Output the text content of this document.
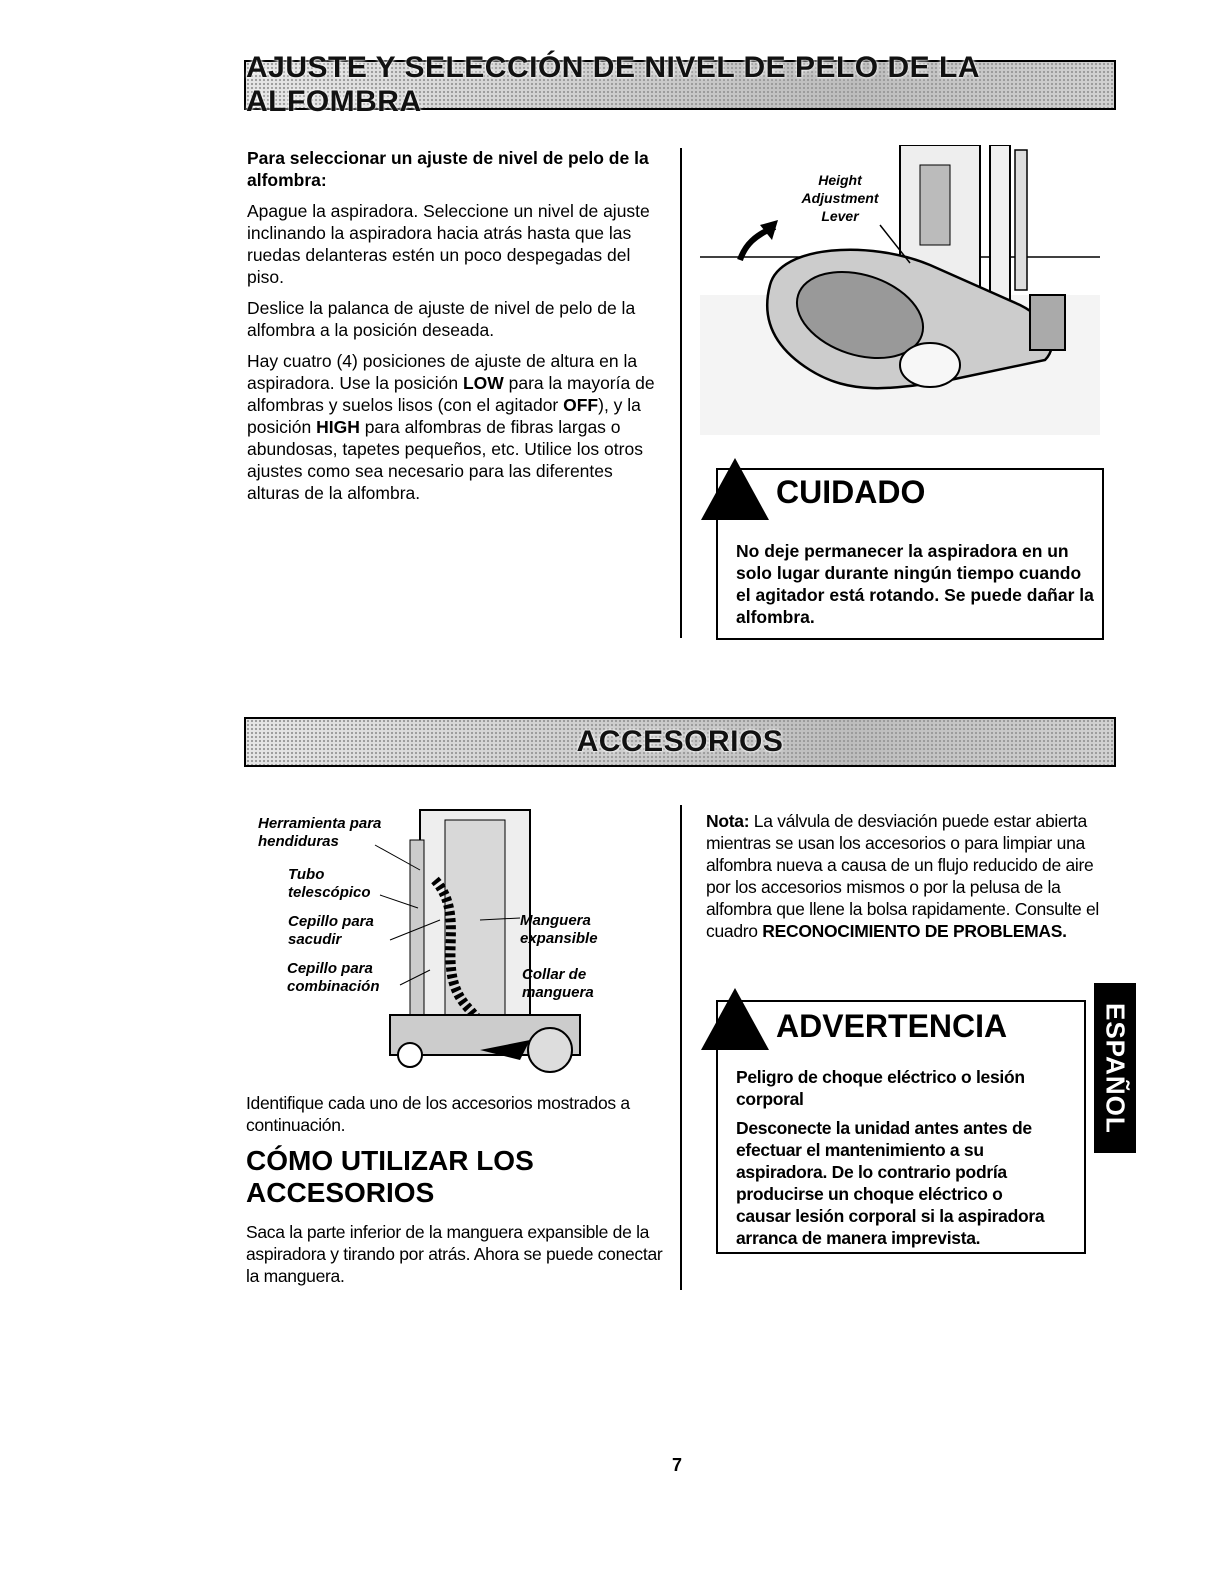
AJUSTE Y SELECCIÓN DE NIVEL DE PELO DE LA ALFOMBRA

Para seleccionar un ajuste de nivel de pelo de la alfombra:

Apague la aspiradora. Seleccione un nivel de ajuste inclinando la aspiradora hacia atrás hasta que las ruedas delanteras estén un poco despegadas del piso.

Deslice la palanca de ajuste de nivel de pelo de la alfombra a la posición deseada.

Hay cuatro (4) posiciones de ajuste de altura en la aspiradora. Use la posición LOW para la mayoría de alfombras y suelos lisos (con el agitador OFF), y la posición HIGH para alfombras de fibras largas o abundosas, tapetes pequeños, etc. Utilice los otros ajustes como sea necesario para las diferentes alturas de la alfombra.

Height Adjustment Lever
CUIDADO
No deje permanecer la aspiradora en un solo lugar durante ningún tiempo cuando el agitador está rotando. Se puede dañar la alfombra.
ACCESORIOS
Herramienta para hendiduras
Tubo telescópico
Cepillo para sacudir
Cepillo para combinación
Manguera expansible
Collar de manguera
Identifique cada uno de los accesorios mostrados a continuación.
CÓMO UTILIZAR LOS ACCESORIOS
Saca la parte inferior de la manguera expansible de la aspiradora y tirando por atrás. Ahora se puede conectar la manguera.

Nota: La válvula de desviación puede estar abierta mientras se usan los accesorios o para limpiar una alfombra nueva a causa de un flujo reducido de aire por los accesorios mismos o por la pelusa de la alfombra que llene la bolsa rapidamente. Consulte el cuadro RECONOCIMIENTO DE PROBLEMAS.

ADVERTENCIA
Peligro de choque eléctrico o lesión corporal
Desconecte la unidad antes antes de efectuar el mantenimiento a su aspiradora. De lo contrario podría producirse un choque eléctrico o causar lesión corporal si la aspiradora arranca de manera imprevista.
ESPAÑOL
7
